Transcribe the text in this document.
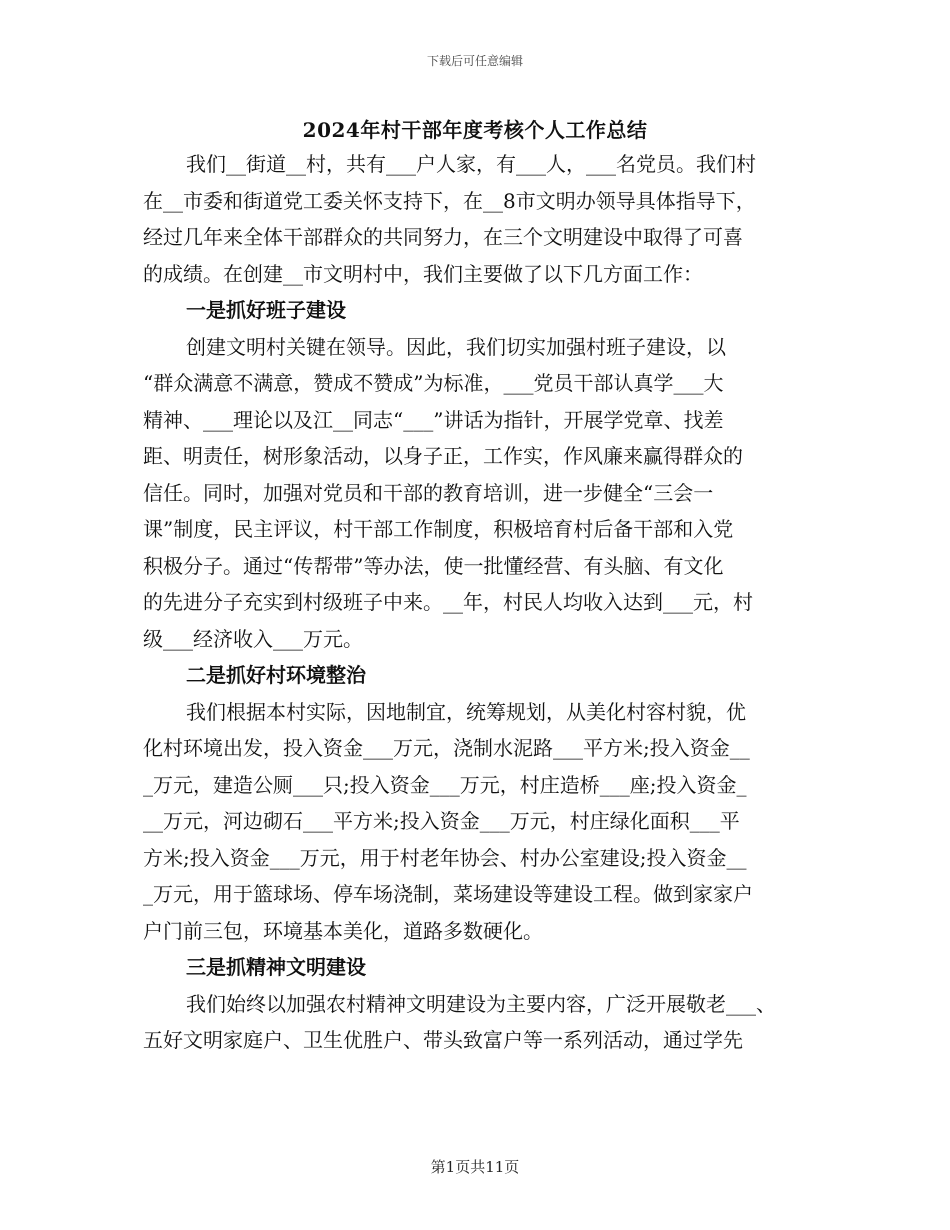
下载后可任意编辑
2024年村干部年度考核个人工作总结
我们__街道__村，共有___户人家，有___人，___名党员。我们村
在__市委和街道党工委关怀支持下，在__8市文明办领导具体指导下，
经过几年来全体干部群众的共同努力，在三个文明建设中取得了可喜
的成绩。在创建__市文明村中，我们主要做了以下几方面工作：
一是抓好班子建设
创建文明村关键在领导。因此，我们切实加强村班子建设，以
“群众满意不满意，赞成不赞成”为标准，___党员干部认真学___大
精神、___理论以及江__同志“___”讲话为指针，开展学党章、找差
距、明责任，树形象活动，以身子正，工作实，作风廉来赢得群众的
信任。同时，加强对党员和干部的教育培训，进一步健全“三会一
课”制度，民主评议，村干部工作制度，积极培育村后备干部和入党
积极分子。通过“传帮带”等办法，使一批懂经营、有头脑、有文化
的先进分子充实到村级班子中来。__年，村民人均收入达到___元，村
级___经济收入___万元。
二是抓好村环境整治
我们根据本村实际，因地制宜，统筹规划，从美化村容村貌，优
化村环境出发，投入资金___万元，浇制水泥路___平方米;投入资金__
_万元，建造公厕___只;投入资金___万元，村庄造桥___座;投入资金_
__万元，河边砌石___平方米;投入资金___万元，村庄绿化面积___平
方米;投入资金___万元，用于村老年协会、村办公室建设;投入资金__
_万元，用于篮球场、停车场浇制，菜场建设等建设工程。做到家家户
户门前三包，环境基本美化，道路多数硬化。
三是抓精神文明建设
我们始终以加强农村精神文明建设为主要内容，广泛开展敬老___、
五好文明家庭户、卫生优胜户、带头致富户等一系列活动，通过学先
第1页共11页
